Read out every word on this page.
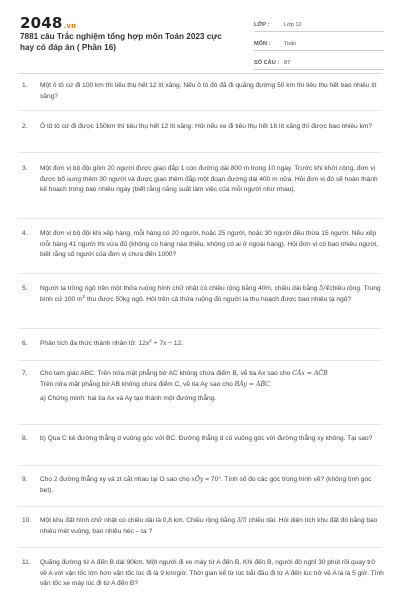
2048.vn
7881 câu Trắc nghiệm tổng hợp môn Toán 2023 cực hay có đáp án ( Phần 16)
LỚP :	Lớp 12
MÔN :	Toán
SỐ CÂU : 87
1.	Một ô tô cứ đi 100 km thì tiêu thụ hết 12 lít xăng. Nếu ô tô đó đã đi quãng đường 50 km thì tiêu thụ hết bao nhiêu lít xăng?
2.	Ô tô tô cứ đi được 150km thì tiêu thụ hết 12 lít xăng. Hỏi nếu xe đi tiêu thụ hết 16 lít xăng thì được bao nhiêu km?
3.	Một đơn vị bộ đội gồm 20 người được giao đắp 1 con đường dài 800 m trong 10 ngày. Trước khi khởi công, đơn vị được bổ sung thêm 30 người và được giao thêm đắp một đoạn đường dài 400 m nữa. Hỏi đơn vị đó sẽ hoàn thành kế hoạch trong bao nhiêu ngày (biết rằng năng suất làm việc của mỗi người như nhau).
4.	Một đơn vị bộ đội khi xếp hàng, mỗi hàng có 20 người, hoặc 25 người, hoặc 30 người đều thừa 15 người. Nếu xếp mỗi hàng 41 người thì vừa đủ (không có hàng nào thiếu, không có ai ở ngoài hàng). Hỏi đơn vị có bao nhiêu người, biết rằng số người của đơn vị chưa đến 1000?
5.	Người ta trồng ngô trên một thửa ruộng hình chữ nhật có chiều rộng bằng 40m, chiều dài bằng 5/4chiều rộng. Trung bình cứ 100 $m^2$ thu được 50kg ngô. Hỏi trên cả thửa ruộng đó người ta thu hoạch được bao nhiêu tạ ngô?
6.	Phân tích đa thức thành nhân tử: $12x^2 + 7x - 12$.
7.	Cho tam giác ABC. Trên nửa mặt phẳng bờ AC không chứa điểm B, vẽ tia Ax sao cho CÂx = AĈB
Trên nửa mặt phẳng bờ AB không chứa điểm C, vẽ tia Ay sao cho BÂy = AB̂C.
a) Chứng minh: hai tia Ax và Ay tạo thành một đường thẳng.
8.	b) Qua C kẻ đường thẳng d vuông góc với BC. Đường thẳng d có vuông góc với đường thẳng xy không. Tại sao?
9.	Cho 2 đường thẳng xy và zt cắt nhau tại O sao cho xÔy = 70°. Tính số đo các góc trong hình vẽ? (không tính góc bẹt).
10.	Một khu đất hình chữ nhật có chiều dài là 0,8 km. Chiều rộng bằng 3/5 chiều dài. Hỏi diện tích khu đất đó bằng bao nhiêu mét vuông, bao nhiêu héc – ta ?
11.	Quãng đường từ A đến B dài 90km. Một người đi xe máy từ A đến B. Khi đến B, người đó nghỉ 30 phút rồi quay trở về A với vận tốc lớn hơn vận tốc lúc đi là 9 km/giờ. Thời gian kể từ lúc bắt đầu đi từ A đến lúc trở về A là là 5 giờ. Tính vận tốc xe máy lúc đi từ A đến B?
